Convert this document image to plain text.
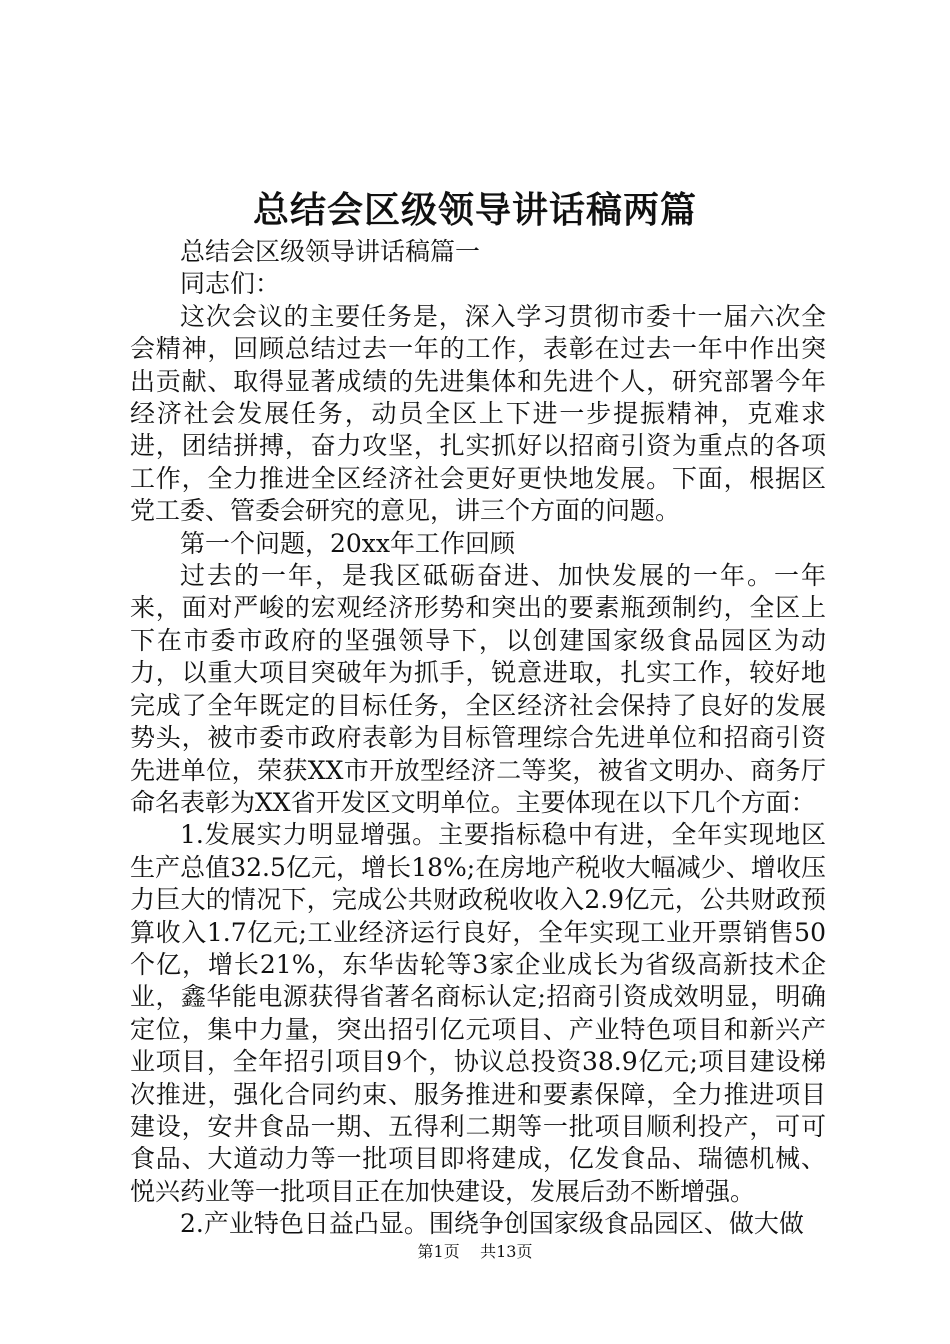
总结会区级领导讲话稿两篇

总结会区级领导讲话稿篇一

同志们：

这次会议的主要任务是，深入学习贯彻市委十一届六次全会精神，回顾总结过去一年的工作，表彰在过去一年中作出突出贡献、取得显著成绩的先进集体和先进个人，研究部署今年经济社会发展任务，动员全区上下进一步提振精神，克难求进，团结拼搏，奋力攻坚，扎实抓好以招商引资为重点的各项工作，全力推进全区经济社会更好更快地发展。下面，根据区党工委、管委会研究的意见，讲三个方面的问题。

第一个问题，20xx年工作回顾

过去的一年，是我区砥砺奋进、加快发展的一年。一年来，面对严峻的宏观经济形势和突出的要素瓶颈制约，全区上下在市委市政府的坚强领导下，以创建国家级食品园区为动力，以重大项目突破年为抓手，锐意进取，扎实工作，较好地完成了全年既定的目标任务，全区经济社会保持了良好的发展势头，被市委市政府表彰为目标管理综合先进单位和招商引资先进单位，荣获XX市开放型经济二等奖，被省文明办、商务厅命名表彰为XX省开发区文明单位。主要体现在以下几个方面：

1.发展实力明显增强。主要指标稳中有进，全年实现地区生产总值32.5亿元，增长18%;在房地产税收大幅减少、增收压力巨大的情况下，完成公共财政税收收入2.9亿元，公共财政预算收入1.7亿元;工业经济运行良好，全年实现工业开票销售50个亿，增长21%，东华齿轮等3家企业成长为省级高新技术企业，鑫华能电源获得省著名商标认定;招商引资成效明显，明确定位，集中力量，突出招引亿元项目、产业特色项目和新兴产业项目，全年招引项目9个，协议总投资38.9亿元;项目建设梯次推进，强化合同约束、服务推进和要素保障，全力推进项目建设，安井食品一期、五得利二期等一批项目顺利投产，可可食品、大道动力等一批项目即将建成，亿发食品、瑞德机械、悦兴药业等一批项目正在加快建设，发展后劲不断增强。

2.产业特色日益凸显。围绕争创国家级食品园区、做大做

第1页 共13页
